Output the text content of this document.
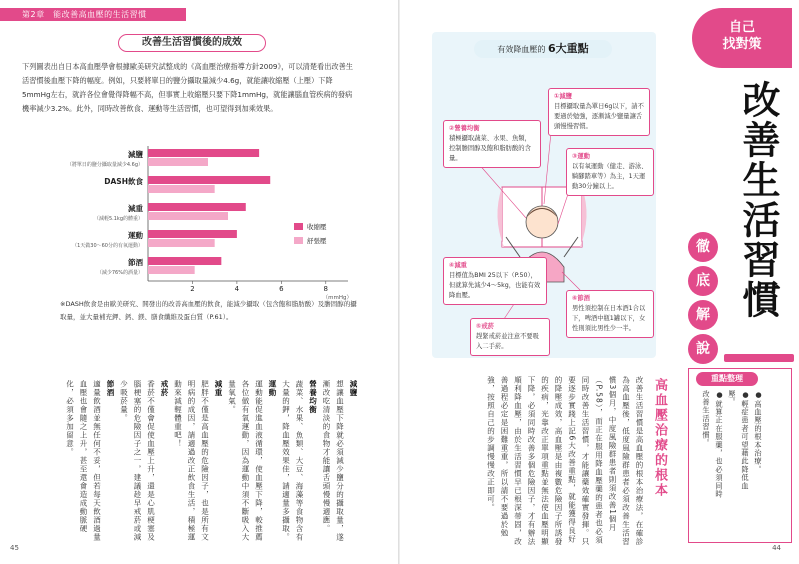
第2章　能改善高血壓的生活習慣
改善生活習慣後的成效

下列圖表出自日本高血壓學會根據歐美研究試整成的《高血壓治療指導方針2009》，可以清楚看出改善生活習慣後血壓下降的幅度。例如，只要將單日的鹽分攝取量減少4.6g，就能讓收縮壓（上壓）下降5mmHg左右，就許各位會覺得降幅不高，但事實上收縮壓只要下降1mmHg，就能讓腦血管疾病的發病機率減少3.2%。此外，同時改善飲食、運動等生活習慣，也可望得到加乘效果。

減鹽
（將單日的鹽分攝取量減少4.6g）
DASH飲食
減重
（減輕5.1kg的體重）
運動
（1天做30～60分的有氧運動）
節酒
（減少76%的酒量）
2	4	6	8
（mmHg）
收縮壓
舒張壓

※DASH飲食是由歐美研究、開發出的改善高血壓的飲食，能減少攝取（包含飽和脂肪酸）及膽固醇的攝取量，並大量補充鉀、鈣、鎂、膳食纖維及蛋白質（P.61）。

減鹽
想讓血壓下降就必須減少鹽分的攝取量，遂漸改吃清淡的食物才能讓舌頭慢慢適應。
營養均衡
蔬菜、水果、魚類、大豆、海藻等食物含有大量的鉀，降血壓效果佳，請適量多攝取。
運動
運動能促進血液循環，使血壓下降，較推薦各位做有氧運動，因為運動中須不斷吸入大量氧氣。
減重
肥胖不僅是高血壓的危險因子，也是所有文明病的成因，請適過改正飲食生活，積極運動來減輕體重吧！
戒菸
香菸不僅會促使血壓上升，還是心肌梗塞及腦梗塞的危險因子之一，建議趁早戒菸或減少吸菸量。
節酒
適量飲酒並無任何不妥，但若每天飲酒過量血壓也會隨之上升，甚至還會造成動脈硬化，必須多加留意。

45
有效降血壓的 6大重點
①減鹽
目標攝取量為單日6g以下，請不要過於勉強，逐漸減少鹽量讓舌頭慢慢習慣。
②營養均衡
積極攝取蔬菜、水果、魚類，控制膽固醇及飽和脂肪酸的含量。	③運動
以有氧運動（健走、游泳、騎腳踏車等）為主，1天運動30分鐘以上。
④減重
目標值為BMI 25以下（P.50），但就算先減少4～5kg，也能有效降血壓。
⑤戒菸
趕緊戒菸並注意不要吸入二手菸。
⑥節酒
男性須控制在日本酒1合以下，啤酒中瓶1罐以下，女性則須比男性少一半。
自己
找對策
改善生活習慣
徹
底
解
說
重點整理
●高血壓的根本治療。
●輕症患者可望藉此降低血壓。
●就算正在服藥，也必須同時改善生活習慣。

高血壓治療的根本
改善生活習慣是高血壓的根本治療法，在確診為高血壓後，低度風險群患者必須改善生活習慣3個月，中度風險群患者則須改善1個月（P.58），而正在服用降血壓藥的患者也必須同時改善生活習慣，才能讓藥效確實發揮。只要逐步實踐上記6大改善重點，就能獲得良好的降壓成效，高血壓是由複數危險因子所誘發的疾病，光靠改正單項重點並無法使血壓明顯下降，必須同時改善多個危險因子，才有辦法順利降血壓，由於生活習慣早已根深蒂固，改善過程必定是困難重重，所以請不要過於勉強，按照自己的步調慢慢改正即可。
44
